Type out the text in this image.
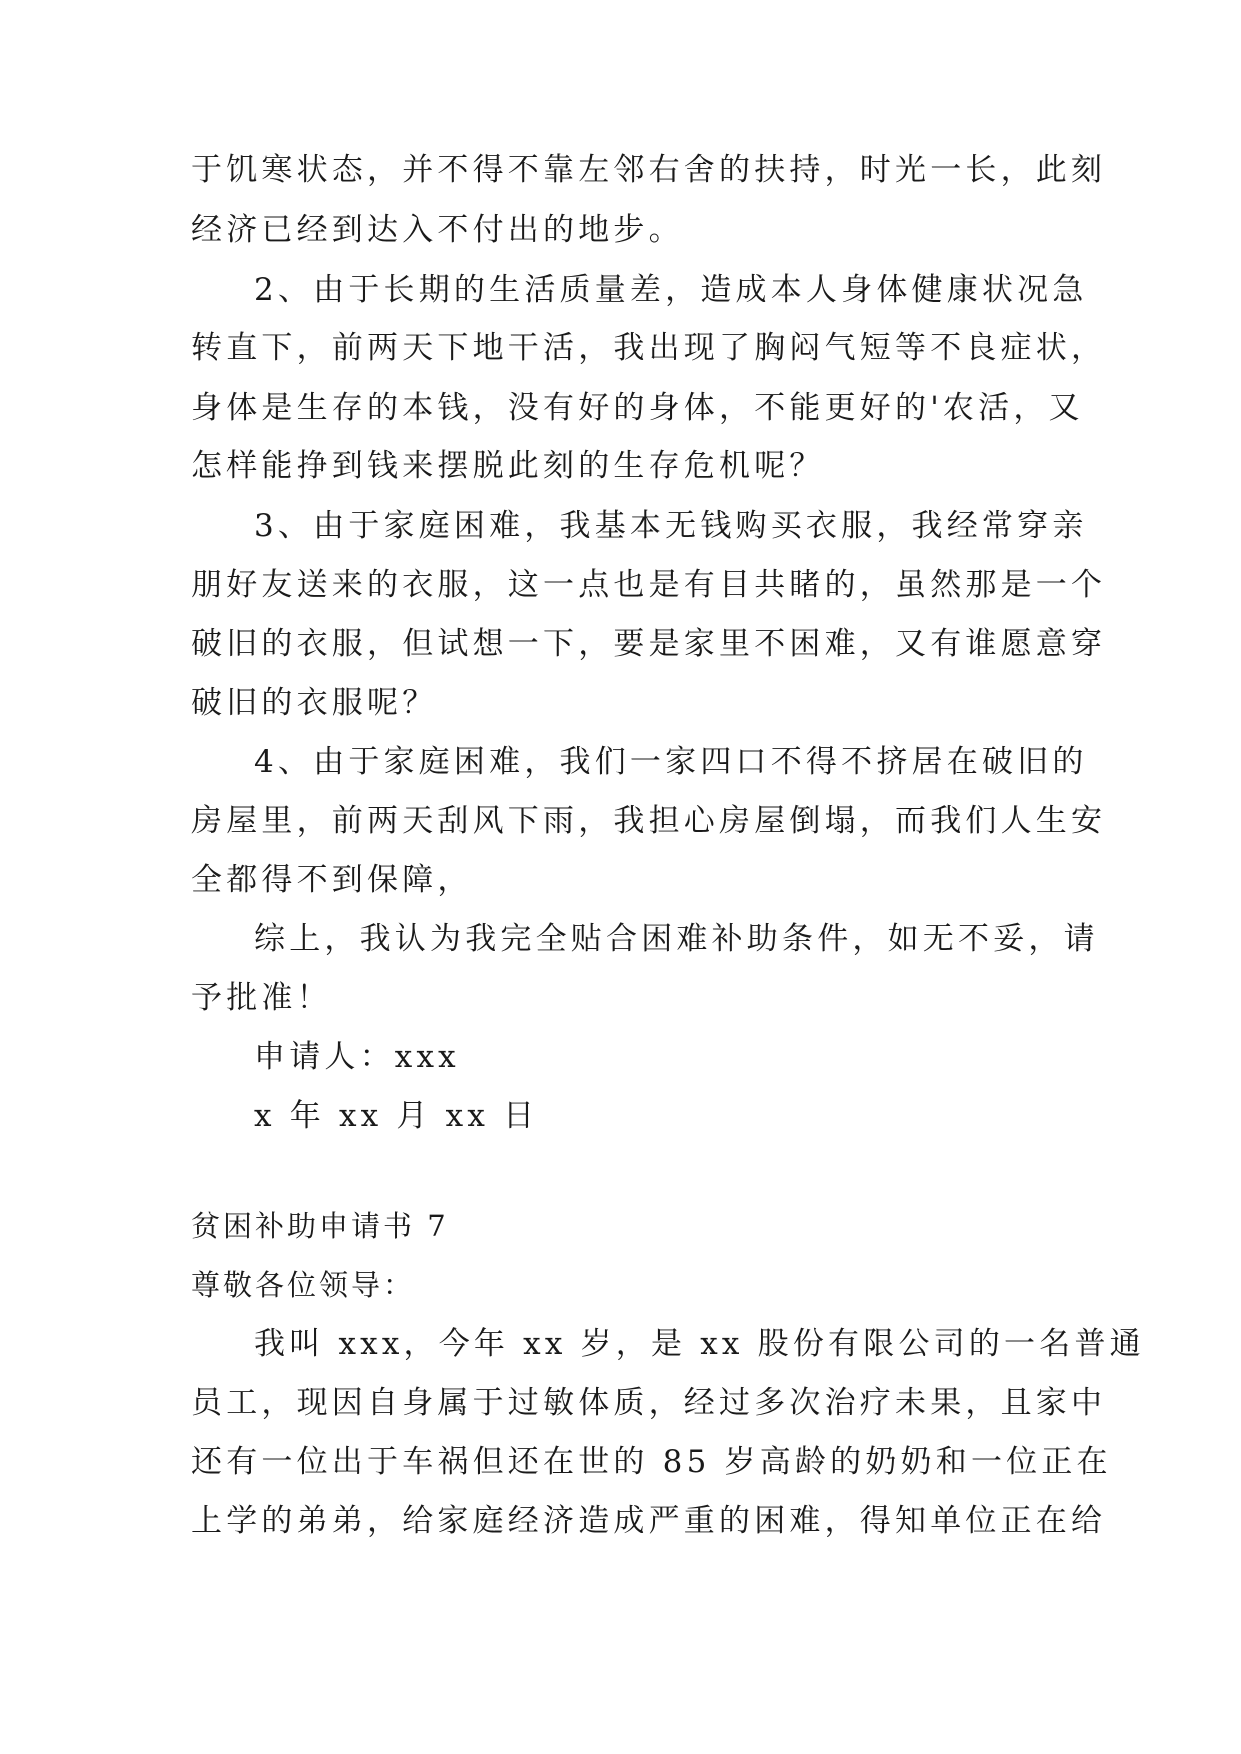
于饥寒状态，并不得不靠左邻右舍的扶持，时光一长，此刻
经济已经到达入不付出的地步。
2、由于长期的生活质量差，造成本人身体健康状况急
转直下，前两天下地干活，我出现了胸闷气短等不良症状，
身体是生存的本钱，没有好的身体，不能更好的'农活，又
怎样能挣到钱来摆脱此刻的生存危机呢？
3、由于家庭困难，我基本无钱购买衣服，我经常穿亲
朋好友送来的衣服，这一点也是有目共睹的，虽然那是一个
破旧的衣服，但试想一下，要是家里不困难，又有谁愿意穿
破旧的衣服呢？
4、由于家庭困难，我们一家四口不得不挤居在破旧的
房屋里，前两天刮风下雨，我担心房屋倒塌，而我们人生安
全都得不到保障，
综上，我认为我完全贴合困难补助条件，如无不妥，请
予批准！
申请人：xxx
x 年 xx 月 xx 日
贫困补助申请书 7
尊敬各位领导：
我叫 xxx，今年 xx 岁，是 xx 股份有限公司的一名普通
员工，现因自身属于过敏体质，经过多次治疗未果，且家中
还有一位出于车祸但还在世的 85 岁高龄的奶奶和一位正在
上学的弟弟，给家庭经济造成严重的困难，得知单位正在给
